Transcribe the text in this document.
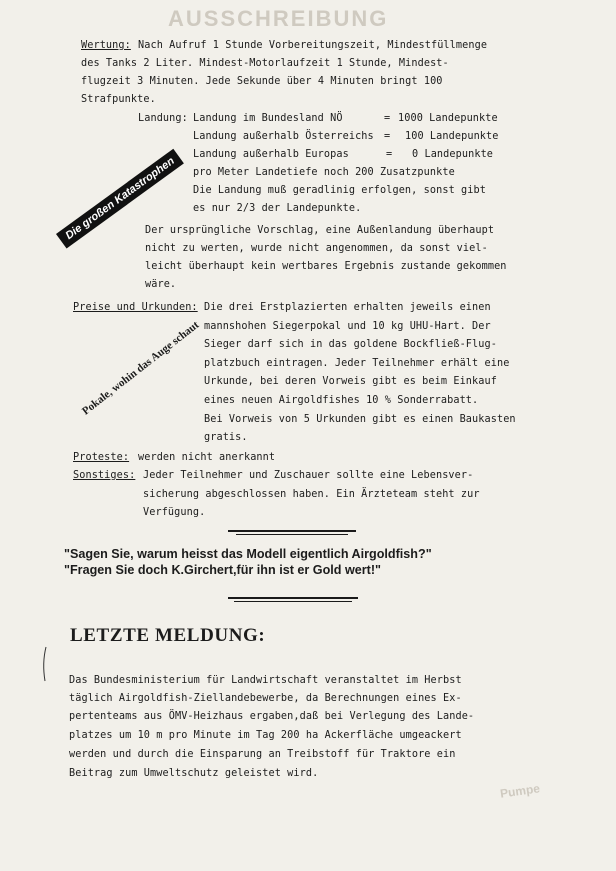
AUSSCHREIBUNG
Pumpe
Wertung: Nach Aufruf 1 Stunde Vorbereitungszeit, Mindestfüllmenge
des Tanks 2 Liter. Mindest-Motorlaufzeit 1 Stunde, Mindest-
flugzeit 3 Minuten. Jede Sekunde über 4 Minuten bringt 100
Strafpunkte.
Landung: Landung im Bundesland NÖ	= 1000 Landepunkte
Landung außerhalb Österreichs = 100 Landepunkte
Landung außerhalb Europas	= 0 Landepunkte
pro Meter Landetiefe noch 200 Zusatzpunkte
Die Landung muß geradlinig erfolgen, sonst gibt
es nur 2/3 der Landepunkte.
Der ursprüngliche Vorschlag, eine Außenlandung überhaupt
nicht zu werten, wurde nicht angenommen, da sonst viel-
leicht überhaupt kein wertbares Ergebnis zustande gekommen
wäre.
Die großen Katastrophen
Preise und Urkunden: Die drei Erstplazierten erhalten jeweils einen
mannshohen Siegerpokal und 10 kg UHU-Hart. Der
Sieger darf sich in das goldene Bockfließ-Flug-
platzbuch eintragen. Jeder Teilnehmer erhält eine
Urkunde, bei deren Vorweis gibt es beim Einkauf
eines neuen Airgoldfishes 10 % Sonderrabatt.
Bei Vorweis von 5 Urkunden gibt es einen Baukasten
gratis.
Pokale, wohin das Auge schaut
Proteste: werden nicht anerkannt
Sonstiges: Jeder Teilnehmer und Zuschauer sollte eine Lebensver-
sicherung abgeschlossen haben. Ein Ärzteteam steht zur
Verfügung.
"Sagen Sie, warum heisst das Modell eigentlich Airgoldfish?"
"Fragen Sie doch K.Girchert,für ihn ist er Gold wert!"
LETZTE MELDUNG:
Das Bundesministerium für Landwirtschaft veranstaltet im Herbst
täglich Airgoldfish-Ziellandebewerbe, da Berechnungen eines Ex-
pertenteams aus ÖMV-Heizhaus ergaben,daß bei Verlegung des Lande-
platzes um 10 m pro Minute im Tag 200 ha Ackerfläche umgeackert
werden und durch die Einsparung an Treibstoff für Traktore ein
Beitrag zum Umweltschutz geleistet wird.
